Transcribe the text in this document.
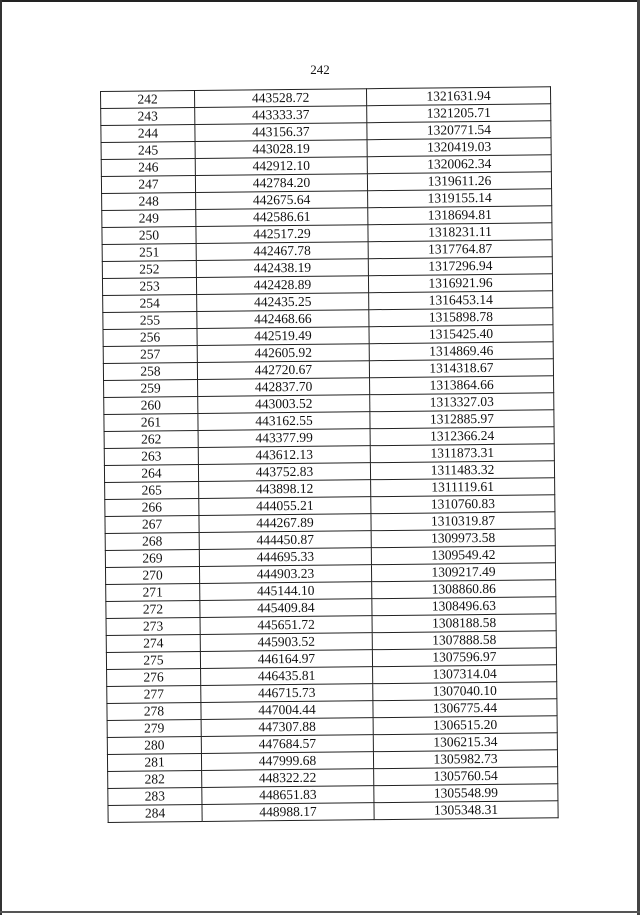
242
242	443528.72	1321631.94
243	443333.37	1321205.71
244	443156.37	1320771.54
245	443028.19	1320419.03
246	442912.10	1320062.34
247	442784.20	1319611.26
248	442675.64	1319155.14
249	442586.61	1318694.81
250	442517.29	1318231.11
251	442467.78	1317764.87
252	442438.19	1317296.94
253	442428.89	1316921.96
254	442435.25	1316453.14
255	442468.66	1315898.78
256	442519.49	1315425.40
257	442605.92	1314869.46
258	442720.67	1314318.67
259	442837.70	1313864.66
260	443003.52	1313327.03
261	443162.55	1312885.97
262	443377.99	1312366.24
263	443612.13	1311873.31
264	443752.83	1311483.32
265	443898.12	1311119.61
266	444055.21	1310760.83
267	444267.89	1310319.87
268	444450.87	1309973.58
269	444695.33	1309549.42
270	444903.23	1309217.49
271	445144.10	1308860.86
272	445409.84	1308496.63
273	445651.72	1308188.58
274	445903.52	1307888.58
275	446164.97	1307596.97
276	446435.81	1307314.04
277	446715.73	1307040.10
278	447004.44	1306775.44
279	447307.88	1306515.20
280	447684.57	1306215.34
281	447999.68	1305982.73
282	448322.22	1305760.54
283	448651.83	1305548.99
284	448988.17	1305348.31
